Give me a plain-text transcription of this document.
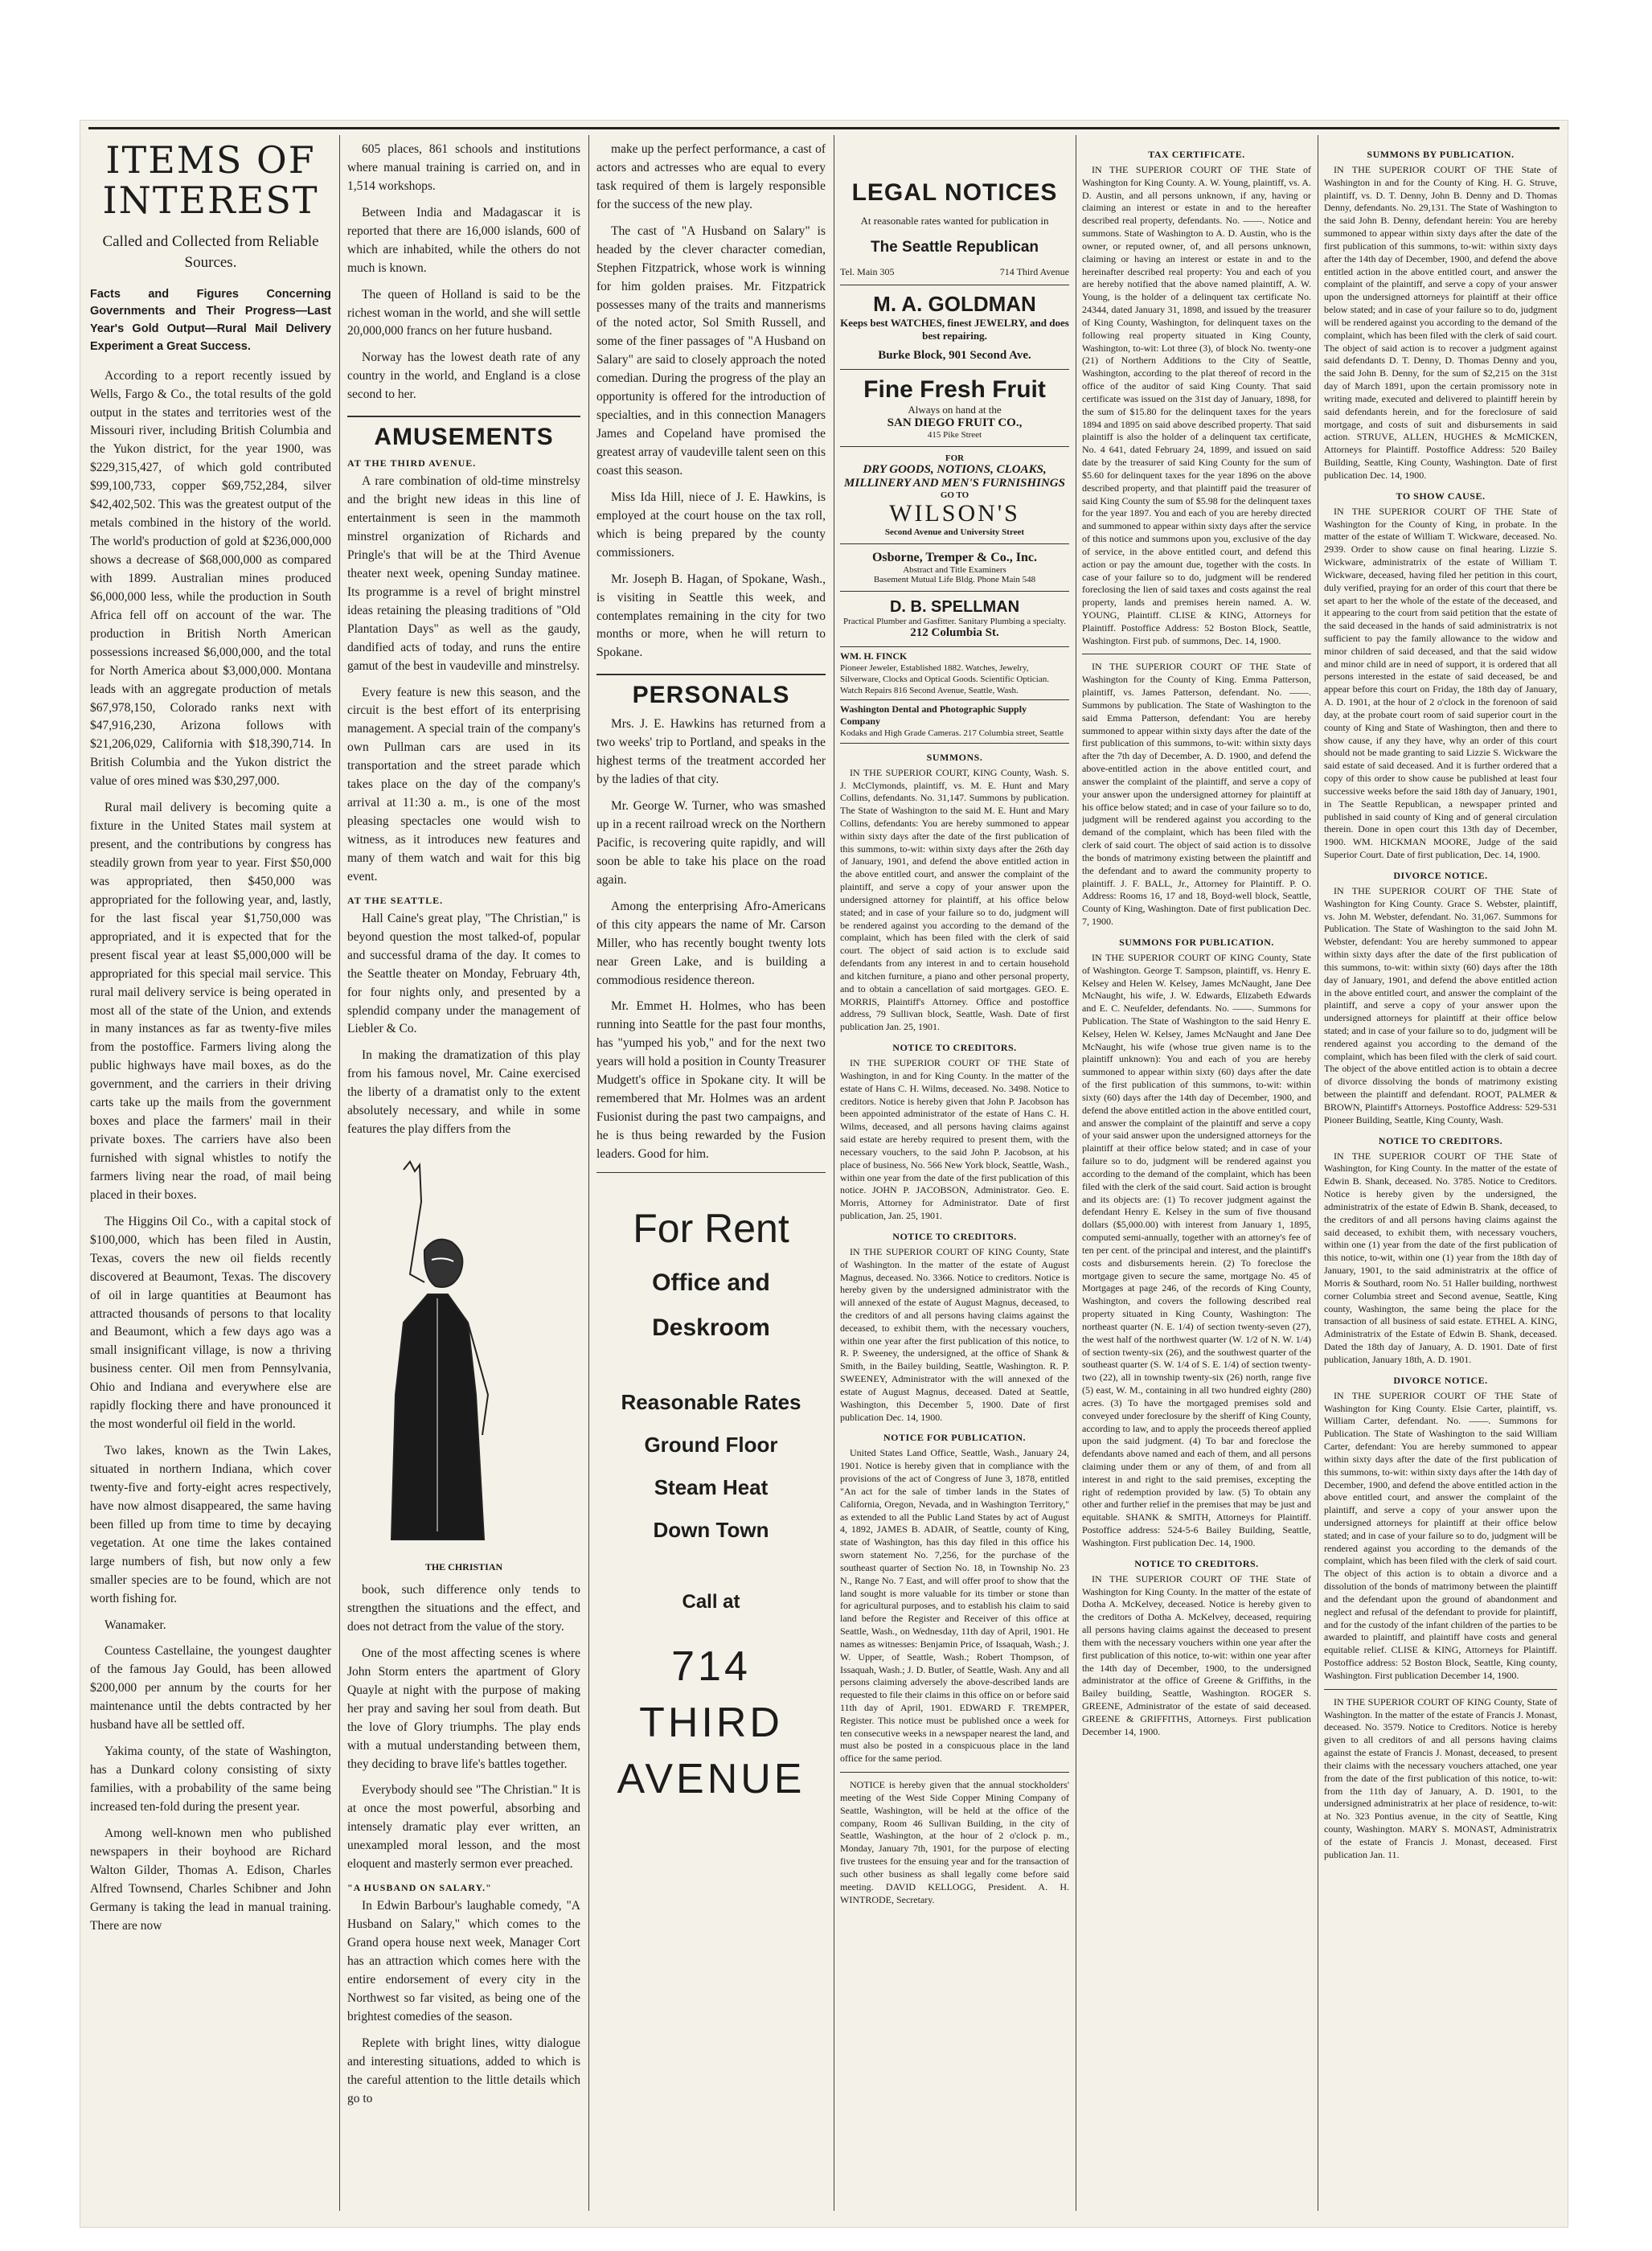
ITEMS OF
INTEREST
Called and Collected from Reliable Sources.

Facts and Figures Concerning Governments and Their Progress—Last Year's Gold Output—Rural Mail Delivery Experiment a Great Success.

According to a report recently issued by Wells, Fargo & Co., the total results of the gold output in the states and territories west of the Missouri river, including British Columbia and the Yukon district, for the year 1900, was $229,315,427, of which gold contributed $99,100,733, copper $69,752,284, silver $42,402,502. This was the greatest output of the metals combined in the history of the world. The world's production of gold at $236,000,000 shows a decrease of $68,000,000 as compared with 1899. Australian mines produced $6,000,000 less, while the production in South Africa fell off on account of the war. The production in British North American possessions increased $6,000,000, and the total for North America about $3,000,000. Montana leads with an aggregate production of metals $67,978,150, Colorado ranks next with $47,916,230, Arizona follows with $21,206,029, California with $18,390,714. In British Columbia and the Yukon district the value of ores mined was $30,297,000.

Rural mail delivery is becoming quite a fixture in the United States mail system at present, and the contributions by congress has steadily grown from year to year. First $50,000 was appropriated, then $450,000 was appropriated for the following year, and, lastly, for the last fiscal year $1,750,000 was appropriated, and it is expected that for the present fiscal year at least $5,000,000 will be appropriated for this special mail service. This rural mail delivery service is being operated in most all of the state of the Union, and extends in many instances as far as twenty-five miles from the postoffice. Farmers living along the public highways have mail boxes, as do the government, and the carriers in their driving carts take up the mails from the government boxes and place the farmers' mail in their private boxes. The carriers have also been furnished with signal whistles to notify the farmers living near the road, of mail being placed in their boxes.

The Higgins Oil Co., with a capital stock of $100,000, which has been filed in Austin, Texas, covers the new oil fields recently discovered at Beaumont, Texas. The discovery of oil in large quantities at Beaumont has attracted thousands of persons to that locality and Beaumont, which a few days ago was a small insignificant village, is now a thriving business center. Oil men from Pennsylvania, Ohio and Indiana and everywhere else are rapidly flocking there and have pronounced it the most wonderful oil field in the world.

Two lakes, known as the Twin Lakes, situated in northern Indiana, which cover twenty-five and forty-eight acres respectively, have now almost disappeared, the same having been filled up from time to time by decaying vegetation. At one time the lakes contained large numbers of fish, but now only a few smaller species are to be found, which are not worth fishing for.

Wanamaker.

Countess Castellaine, the youngest daughter of the famous Jay Gould, has been allowed $200,000 per annum by the courts for her maintenance until the debts contracted by her husband have all be settled off.

Yakima county, of the state of Washington, has a Dunkard colony consisting of sixty families, with a probability of the same being increased ten-fold during the present year.

Among well-known men who published newspapers in their boyhood are Richard Walton Gilder, Thomas A. Edison, Charles Alfred Townsend, Charles Schibner and John Germany is taking the lead in manual training. There are now

605 places, 861 schools and institutions where manual training is carried on, and in 1,514 workshops.

Between India and Madagascar it is reported that there are 16,000 islands, 600 of which are inhabited, while the others do not much is known.

The queen of Holland is said to be the richest woman in the world, and she will settle 20,000,000 francs on her future husband.

Norway has the lowest death rate of any country in the world, and England is a close second to her.

AMUSEMENTS
AT THE THIRD AVENUE.

A rare combination of old-time minstrelsy and the bright new ideas in this line of entertainment is seen in the mammoth minstrel organization of Richards and Pringle's that will be at the Third Avenue theater next week, opening Sunday matinee. Its programme is a revel of bright minstrel ideas retaining the pleasing traditions of "Old Plantation Days" as well as the gaudy, dandified acts of today, and runs the entire gamut of the best in vaudeville and minstrelsy.

Every feature is new this season, and the circuit is the best effort of its enterprising management. A special train of the company's own Pullman cars are used in its transportation and the street parade which takes place on the day of the company's arrival at 11:30 a. m., is one of the most pleasing spectacles one would wish to witness, as it introduces new features and many of them watch and wait for this big event.

AT THE SEATTLE.

Hall Caine's great play, "The Christian," is beyond question the most talked-of, popular and successful drama of the day. It comes to the Seattle theater on Monday, February 4th, for four nights only, and presented by a splendid company under the management of Liebler & Co.

In making the dramatization of this play from his famous novel, Mr. Caine exercised the liberty of a dramatist only to the extent absolutely necessary, and while in some features the play differs from the

THE CHRISTIAN

book, such difference only tends to strengthen the situations and the effect, and does not detract from the value of the story.

One of the most affecting scenes is where John Storm enters the apartment of Glory Quayle at night with the purpose of making her pray and saving her soul from death. But the love of Glory triumphs. The play ends with a mutual understanding between them, they deciding to brave life's battles together.

Everybody should see "The Christian." It is at once the most powerful, absorbing and intensely dramatic play ever written, an unexampled moral lesson, and the most eloquent and masterly sermon ever preached.

"A HUSBAND ON SALARY."

In Edwin Barbour's laughable comedy, "A Husband on Salary," which comes to the Grand opera house next week, Manager Cort has an attraction which comes here with the entire endorsement of every city in the Northwest so far visited, as being one of the brightest comedies of the season.

Replete with bright lines, witty dialogue and interesting situations, added to which is the careful attention to the little details which go to

make up the perfect performance, a cast of actors and actresses who are equal to every task required of them is largely responsible for the success of the new play.

The cast of "A Husband on Salary" is headed by the clever character comedian, Stephen Fitzpatrick, whose work is winning for him golden praises. Mr. Fitzpatrick possesses many of the traits and mannerisms of the noted actor, Sol Smith Russell, and some of the finer passages of "A Husband on Salary" are said to closely approach the noted comedian. During the progress of the play an opportunity is offered for the introduction of specialties, and in this connection Managers James and Copeland have promised the greatest array of vaudeville talent seen on this coast this season.

Miss Ida Hill, niece of J. E. Hawkins, is employed at the court house on the tax roll, which is being prepared by the county commissioners.

Mr. Joseph B. Hagan, of Spokane, Wash., is visiting in Seattle this week, and contemplates remaining in the city for two months or more, when he will return to Spokane.

PERSONALS

Mrs. J. E. Hawkins has returned from a two weeks' trip to Portland, and speaks in the highest terms of the treatment accorded her by the ladies of that city.

Mr. George W. Turner, who was smashed up in a recent railroad wreck on the Northern Pacific, is recovering quite rapidly, and will soon be able to take his place on the road again.

Among the enterprising Afro-Americans of this city appears the name of Mr. Carson Miller, who has recently bought twenty lots near Green Lake, and is building a commodious residence thereon.

Mr. Emmet H. Holmes, who has been running into Seattle for the past four months, has "yumped his yob," and for the next two years will hold a position in County Treasurer Mudgett's office in Spokane city. It will be remembered that Mr. Holmes was an ardent Fusionist during the past two campaigns, and he is thus being rewarded by the Fusion leaders. Good for him.

For Rent
Office and
Deskroom
Reasonable Rates
Ground Floor
Steam Heat
Down Town
Call at
714
THIRD
AVENUE
LEGAL NOTICES
At reasonable rates wanted for publication in
The Seattle Republican
Tel. Main 305	714 Third Avenue
M. A. GOLDMAN
Keeps best WATCHES, finest JEWELRY, and does best repairing.
Burke Block, 901 Second Ave.
Fine Fresh Fruit
Always on hand at the
SAN DIEGO FRUIT CO.,
415 Pike Street
FOR
DRY GOODS, NOTIONS, CLOAKS, MILLINERY AND MEN'S FURNISHINGS
GO TO
WILSON'S
Second Avenue and University Street
Osborne, Tremper & Co., Inc.
Abstract and Title Examiners
Basement Mutual Life Bldg. Phone Main 548
D. B. SPELLMAN
Practical Plumber and Gasfitter. Sanitary Plumbing a specialty.
212 Columbia St.
WM. H. FINCK
Pioneer Jeweler, Established 1882. Watches, Jewelry, Silverware, Clocks and Optical Goods. Scientific Optician. Watch Repairs 816 Second Avenue, Seattle, Wash.
Washington Dental and Photographic Supply Company
Kodaks and High Grade Cameras. 217 Columbia street, Seattle
SUMMONS.

IN THE SUPERIOR COURT, KING County, Wash. S. J. McClymonds, plaintiff, vs. M. E. Hunt and Mary Collins, defendants. No. 31,147. Summons by publication. The State of Washington to the said M. E. Hunt and Mary Collins, defendants: You are hereby summoned to appear within sixty days after the date of the first publication of this summons, to-wit: within sixty days after the 26th day of January, 1901, and defend the above entitled action in the above entitled court, and answer the complaint of the plaintiff, and serve a copy of your answer upon the undersigned attorney for plaintiff, at his office below stated; and in case of your failure so to do, judgment will be rendered against you according to the demand of the complaint, which has been filed with the clerk of said court. The object of said action is to exclude said defendants from any interest in and to certain household and kitchen furniture, a piano and other personal property, and to obtain a cancellation of said mortgages. GEO. E. MORRIS, Plaintiff's Attorney. Office and postoffice address, 79 Sullivan block, Seattle, Wash. Date of first publication Jan. 25, 1901.

NOTICE TO CREDITORS.

IN THE SUPERIOR COURT OF THE State of Washington, in and for King County. In the matter of the estate of Hans C. H. Wilms, deceased. No. 3498. Notice to creditors. Notice is hereby given that John P. Jacobson has been appointed administrator of the estate of Hans C. H. Wilms, deceased, and all persons having claims against said estate are hereby required to present them, with the necessary vouchers, to the said John P. Jacobson, at his place of business, No. 566 New York block, Seattle, Wash., within one year from the date of the first publication of this notice. JOHN P. JACOBSON, Administrator. Geo. E. Morris, Attorney for Administrator. Date of first publication, Jan. 25, 1901.

NOTICE TO CREDITORS.

IN THE SUPERIOR COURT OF KING County, State of Washington. In the matter of the estate of August Magnus, deceased. No. 3366. Notice to creditors. Notice is hereby given by the undersigned administrator with the will annexed of the estate of August Magnus, deceased, to the creditors of and all persons having claims against the deceased, to exhibit them, with the necessary vouchers, within one year after the first publication of this notice, to R. P. Sweeney, the undersigned, at the office of Shank & Smith, in the Bailey building, Seattle, Washington. R. P. SWEENEY, Administrator with the will annexed of the estate of August Magnus, deceased. Dated at Seattle, Washington, this December 5, 1900. Date of first publication Dec. 14, 1900.

NOTICE FOR PUBLICATION.

United States Land Office, Seattle, Wash., January 24, 1901. Notice is hereby given that in compliance with the provisions of the act of Congress of June 3, 1878, entitled "An act for the sale of timber lands in the States of California, Oregon, Nevada, and in Washington Territory," as extended to all the Public Land States by act of August 4, 1892, JAMES B. ADAIR, of Seattle, county of King, state of Washington, has this day filed in this office his sworn statement No. 7,256, for the purchase of the southeast quarter of Section No. 18, in Township No. 23 N., Range No. 7 East, and will offer proof to show that the land sought is more valuable for its timber or stone than for agricultural purposes, and to establish his claim to said land before the Register and Receiver of this office at Seattle, Wash., on Wednesday, 11th day of April, 1901. He names as witnesses: Benjamin Price, of Issaquah, Wash.; J. W. Upper, of Seattle, Wash.; Robert Thompson, of Issaquah, Wash.; J. D. Butler, of Seattle, Wash. Any and all persons claiming adversely the above-described lands are requested to file their claims in this office on or before said 11th day of April, 1901. EDWARD F. TREMPER, Register. This notice must be published once a week for ten consecutive weeks in a newspaper nearest the land, and must also be posted in a conspicuous place in the land office for the same period.

NOTICE is hereby given that the annual stockholders' meeting of the West Side Copper Mining Company of Seattle, Washington, will be held at the office of the company, Room 46 Sullivan Building, in the city of Seattle, Washington, at the hour of 2 o'clock p. m., Monday, January 7th, 1901, for the purpose of electing five trustees for the ensuing year and for the transaction of such other business as shall legally come before said meeting. DAVID KELLOGG, President. A. H. WINTRODE, Secretary.

TAX CERTIFICATE.

IN THE SUPERIOR COURT OF THE State of Washington for King County. A. W. Young, plaintiff, vs. A. D. Austin, and all persons unknown, if any, having or claiming an interest or estate in and to the hereafter described real property, defendants. No. ——. Notice and summons. State of Washington to A. D. Austin, who is the owner, or reputed owner, of, and all persons unknown, claiming or having an interest or estate in and to the hereinafter described real property: You and each of you are hereby notified that the above named plaintiff, A. W. Young, is the holder of a delinquent tax certificate No. 24344, dated January 31, 1898, and issued by the treasurer of King County, Washington, for delinquent taxes on the following real property situated in King County, Washington, to-wit: Lot three (3), of block No. twenty-one (21) of Northern Additions to the City of Seattle, Washington, according to the plat thereof of record in the office of the auditor of said King County. That said certificate was issued on the 31st day of January, 1898, for the sum of $15.80 for the delinquent taxes for the years 1894 and 1895 on said above described property. That said plaintiff is also the holder of a delinquent tax certificate, No. 4 641, dated February 24, 1899, and issued on said date by the treasurer of said King County for the sum of $5.60 for delinquent taxes for the year 1896 on the above described property, and that plaintiff paid the treasurer of said King County the sum of $5.98 for the delinquent taxes for the year 1897. You and each of you are hereby directed and summoned to appear within sixty days after the service of this notice and summons upon you, exclusive of the day of service, in the above entitled court, and defend this action or pay the amount due, together with the costs. In case of your failure so to do, judgment will be rendered foreclosing the lien of said taxes and costs against the real property, lands and premises herein named. A. W. YOUNG, Plaintiff. CLISE & KING, Attorneys for Plaintiff. Postoffice Address: 52 Boston Block, Seattle, Washington. First pub. of summons, Dec. 14, 1900.

IN THE SUPERIOR COURT OF THE State of Washington for the County of King. Emma Patterson, plaintiff, vs. James Patterson, defendant. No. ——. Summons by publication. The State of Washington to the said Emma Patterson, defendant: You are hereby summoned to appear within sixty days after the date of the first publication of this summons, to-wit: within sixty days after the 7th day of December, A. D. 1900, and defend the above-entitled action in the above entitled court, and answer the complaint of the plaintiff, and serve a copy of your answer upon the undersigned attorney for plaintiff at his office below stated; and in case of your failure so to do, judgment will be rendered against you according to the demand of the complaint, which has been filed with the clerk of said court. The object of said action is to dissolve the bonds of matrimony existing between the plaintiff and the defendant and to award the community property to plaintiff. J. F. BALL, Jr., Attorney for Plaintiff. P. O. Address: Rooms 16, 17 and 18, Boyd-well block, Seattle, County of King, Washington. Date of first publication Dec. 7, 1900.

SUMMONS FOR PUBLICATION.

IN THE SUPERIOR COURT OF KING County, State of Washington. George T. Sampson, plaintiff, vs. Henry E. Kelsey and Helen W. Kelsey, James McNaught, Jane Dee McNaught, his wife, J. W. Edwards, Elizabeth Edwards and E. C. Neufelder, defendants. No. ——. Summons for Publication. The State of Washington to the said Henry E. Kelsey, Helen W. Kelsey, James McNaught and Jane Dee McNaught, his wife (whose true given name is to the plaintiff unknown): You and each of you are hereby summoned to appear within sixty (60) days after the date of the first publication of this summons, to-wit: within sixty (60) days after the 14th day of December, 1900, and defend the above entitled action in the above entitled court, and answer the complaint of the plaintiff and serve a copy of your said answer upon the undersigned attorneys for the plaintiff at their office below stated; and in case of your failure so to do, judgment will be rendered against you according to the demand of the complaint, which has been filed with the clerk of the said court. Said action is brought and its objects are: (1) To recover judgment against the defendant Henry E. Kelsey in the sum of five thousand dollars ($5,000.00) with interest from January 1, 1895, computed semi-annually, together with an attorney's fee of ten per cent. of the principal and interest, and the plaintiff's costs and disbursements herein. (2) To foreclose the mortgage given to secure the same, mortgage No. 45 of Mortgages at page 246, of the records of King County, Washington, and covers the following described real property situated in King County, Washington: The northeast quarter (N. E. 1/4) of section twenty-seven (27), the west half of the northwest quarter (W. 1/2 of N. W. 1/4) of section twenty-six (26), and the southwest quarter of the southeast quarter (S. W. 1/4 of S. E. 1/4) of section twenty-two (22), all in township twenty-six (26) north, range five (5) east, W. M., containing in all two hundred eighty (280) acres. (3) To have the mortgaged premises sold and conveyed under foreclosure by the sheriff of King County, according to law, and to apply the proceeds thereof applied upon the said judgment. (4) To bar and foreclose the defendants above named and each of them, and all persons claiming under them or any of them, of and from all interest in and right to the said premises, excepting the right of redemption provided by law. (5) To obtain any other and further relief in the premises that may be just and equitable. SHANK & SMITH, Attorneys for Plaintiff. Postoffice address: 524-5-6 Bailey Building, Seattle, Washington. First publication Dec. 14, 1900.

NOTICE TO CREDITORS.

IN THE SUPERIOR COURT OF THE State of Washington for King County. In the matter of the estate of Dotha A. McKelvey, deceased. Notice is hereby given to the creditors of Dotha A. McKelvey, deceased, requiring all persons having claims against the deceased to present them with the necessary vouchers within one year after the first publication of this notice, to-wit: within one year after the 14th day of December, 1900, to the undersigned administrator at the office of Greene & Griffiths, in the Bailey building, Seattle, Washington. ROGER S. GREENE, Administrator of the estate of said deceased. GREENE & GRIFFITHS, Attorneys. First publication December 14, 1900.

SUMMONS BY PUBLICATION.

IN THE SUPERIOR COURT OF THE State of Washington in and for the County of King. H. G. Struve, plaintiff, vs. D. T. Denny, John B. Denny and D. Thomas Denny, defendants. No. 29,131. The State of Washington to the said John B. Denny, defendant herein: You are hereby summoned to appear within sixty days after the date of the first publication of this summons, to-wit: within sixty days after the 14th day of December, 1900, and defend the above entitled action in the above entitled court, and answer the complaint of the plaintiff, and serve a copy of your answer upon the undersigned attorneys for plaintiff at their office below stated; and in case of your failure so to do, judgment will be rendered against you according to the demand of the complaint, which has been filed with the clerk of said court. The object of said action is to recover a judgment against said defendants D. T. Denny, D. Thomas Denny and you, the said John B. Denny, for the sum of $2,215 on the 31st day of March 1891, upon the certain promissory note in writing made, executed and delivered to plaintiff herein by said defendants herein, and for the foreclosure of said mortgage, and costs of suit and disbursements in said action. STRUVE, ALLEN, HUGHES & McMICKEN, Attorneys for Plaintiff. Postoffice Address: 520 Bailey Building, Seattle, King County, Washington. Date of first publication Dec. 14, 1900.

TO SHOW CAUSE.

IN THE SUPERIOR COURT OF THE State of Washington for the County of King, in probate. In the matter of the estate of William T. Wickware, deceased. No. 2939. Order to show cause on final hearing. Lizzie S. Wickware, administratrix of the estate of William T. Wickware, deceased, having filed her petition in this court, duly verified, praying for an order of this court that there be set apart to her the whole of the estate of the deceased, and it appearing to the court from said petition that the estate of the said deceased in the hands of said administratrix is not sufficient to pay the family allowance to the widow and minor children of said deceased, and that the said widow and minor child are in need of support, it is ordered that all persons interested in the estate of said deceased, be and appear before this court on Friday, the 18th day of January, A. D. 1901, at the hour of 2 o'clock in the forenoon of said day, at the probate court room of said superior court in the county of King and State of Washington, then and there to show cause, if any they have, why an order of this court should not be made granting to said Lizzie S. Wickware the said estate of said deceased. And it is further ordered that a copy of this order to show cause be published at least four successive weeks before the said 18th day of January, 1901, in The Seattle Republican, a newspaper printed and published in said county of King and of general circulation therein. Done in open court this 13th day of December, 1900. WM. HICKMAN MOORE, Judge of the said Superior Court. Date of first publication, Dec. 14, 1900.

DIVORCE NOTICE.

IN THE SUPERIOR COURT OF THE State of Washington for King County. Grace S. Webster, plaintiff, vs. John M. Webster, defendant. No. 31,067. Summons for Publication. The State of Washington to the said John M. Webster, defendant: You are hereby summoned to appear within sixty days after the date of the first publication of this summons, to-wit: within sixty (60) days after the 18th day of January, 1901, and defend the above entitled action in the above entitled court, and answer the complaint of the plaintiff, and serve a copy of your answer upon the undersigned attorneys for plaintiff at their office below stated; and in case of your failure so to do, judgment will be rendered against you according to the demand of the complaint, which has been filed with the clerk of said court. The object of the above entitled action is to obtain a decree of divorce dissolving the bonds of matrimony existing between the plaintiff and defendant. ROOT, PALMER & BROWN, Plaintiff's Attorneys. Postoffice Address: 529-531 Pioneer Building, Seattle, King County, Wash.

NOTICE TO CREDITORS.

IN THE SUPERIOR COURT OF THE State of Washington, for King County. In the matter of the estate of Edwin B. Shank, deceased. No. 3785. Notice to Creditors. Notice is hereby given by the undersigned, the administratrix of the estate of Edwin B. Shank, deceased, to the creditors of and all persons having claims against the said deceased, to exhibit them, with necessary vouchers, within one (1) year from the date of the first publication of this notice, to-wit, within one (1) year from the 18th day of January, 1901, to the said administratrix at the office of Morris & Southard, room No. 51 Haller building, northwest corner Columbia street and Second avenue, Seattle, King county, Washington, the same being the place for the transaction of all business of said estate. ETHEL A. KING, Administratrix of the Estate of Edwin B. Shank, deceased. Dated the 18th day of January, A. D. 1901. Date of first publication, January 18th, A. D. 1901.

DIVORCE NOTICE.

IN THE SUPERIOR COURT OF THE State of Washington for King County. Elsie Carter, plaintiff, vs. William Carter, defendant. No. ——. Summons for Publication. The State of Washington to the said William Carter, defendant: You are hereby summoned to appear within sixty days after the date of the first publication of this summons, to-wit: within sixty days after the 14th day of December, 1900, and defend the above entitled action in the above entitled court, and answer the complaint of the plaintiff, and serve a copy of your answer upon the undersigned attorneys for plaintiff at their office below stated; and in case of your failure so to do, judgment will be rendered against you according to the demands of the complaint, which has been filed with the clerk of said court. The object of this action is to obtain a divorce and a dissolution of the bonds of matrimony between the plaintiff and the defendant upon the ground of abandonment and neglect and refusal of the defendant to provide for plaintiff, and for the custody of the infant children of the parties to be awarded to plaintiff, and plaintiff have costs and general equitable relief. CLISE & KING, Attorneys for Plaintiff. Postoffice address: 52 Boston Block, Seattle, King county, Washington. First publication December 14, 1900.

IN THE SUPERIOR COURT OF KING County, State of Washington. In the matter of the estate of Francis J. Monast, deceased. No. 3579. Notice to Creditors. Notice is hereby given to all creditors of and all persons having claims against the estate of Francis J. Monast, deceased, to present their claims with the necessary vouchers attached, one year from the date of the first publication of this notice, to-wit: from the 11th day of January, A. D. 1901, to the undersigned administratrix at her place of residence, to-wit: at No. 323 Pontius avenue, in the city of Seattle, King county, Washington. MARY S. MONAST, Administratrix of the estate of Francis J. Monast, deceased. First publication Jan. 11.
